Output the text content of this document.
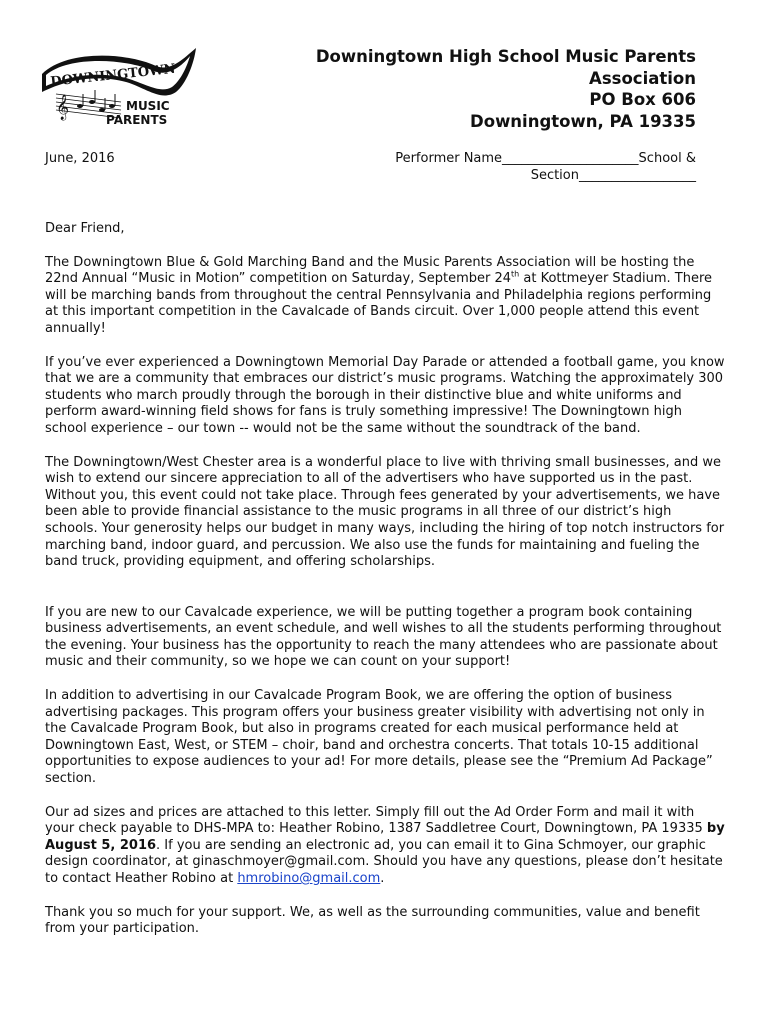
DOWNINGTOWN
𝄞	MUSIC
PARENTS
Downingtown High School Music Parents
Association
PO Box 606
Downingtown, PA 19335
June, 2016	Performer Name_____________________School &
Section__________________

Dear Friend,

The Downingtown Blue & Gold Marching Band and the Music Parents Association will be hosting the 22nd Annual “Music in Motion” competition on Saturday, September 24th at Kottmeyer Stadium. There will be marching bands from throughout the central Pennsylvania and Philadelphia regions performing at this important competition in the Cavalcade of Bands circuit. Over 1,000 people attend this event annually!

If you’ve ever experienced a Downingtown Memorial Day Parade or attended a football game, you know that we are a community that embraces our district’s music programs. Watching the approximately 300 students who march proudly through the borough in their distinctive blue and white uniforms and perform award-winning field shows for fans is truly something impressive! The Downingtown high school experience – our town -- would not be the same without the soundtrack of the band.

The Downingtown/West Chester area is a wonderful place to live with thriving small businesses, and we wish to extend our sincere appreciation to all of the advertisers who have supported us in the past. Without you, this event could not take place. Through fees generated by your advertisements, we have been able to provide financial assistance to the music programs in all three of our district’s high schools. Your generosity helps our budget in many ways, including the hiring of top notch instructors for marching band, indoor guard, and percussion. We also use the funds for maintaining and fueling the band truck, providing equipment, and offering scholarships.

If you are new to our Cavalcade experience, we will be putting together a program book containing business advertisements, an event schedule, and well wishes to all the students performing throughout the evening. Your business has the opportunity to reach the many attendees who are passionate about music and their community, so we hope we can count on your support!

In addition to advertising in our Cavalcade Program Book, we are offering the option of business advertising packages. This program offers your business greater visibility with advertising not only in the Cavalcade Program Book, but also in programs created for each musical performance held at Downingtown East, West, or STEM – choir, band and orchestra concerts. That totals 10-15 additional opportunities to expose audiences to your ad! For more details, please see the “Premium Ad Package” section.

Our ad sizes and prices are attached to this letter. Simply fill out the Ad Order Form and mail it with your check payable to DHS-MPA to: Heather Robino, 1387 Saddletree Court, Downingtown, PA 19335 by August 5, 2016. If you are sending an electronic ad, you can email it to Gina Schmoyer, our graphic design coordinator, at ginaschmoyer@gmail.com. Should you have any questions, please don’t hesitate to contact Heather Robino at hmrobino@gmail.com.

Thank you so much for your support. We, as well as the surrounding communities, value and benefit from your participation.
